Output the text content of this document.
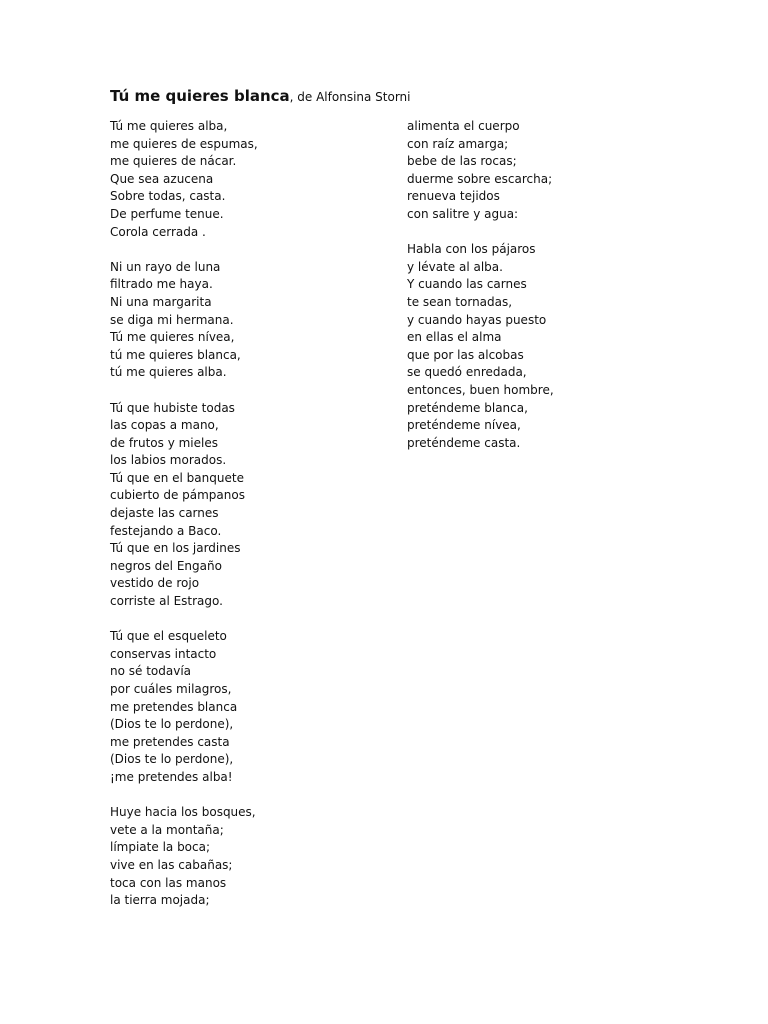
Tú me quieres blanca, de Alfonsina Storni
Tú me quieres alba,
me quieres de espumas,
me quieres de nácar.
Que sea azucena
Sobre todas, casta.
De perfume tenue.
Corola cerrada .
Ni un rayo de luna
filtrado me haya.
Ni una margarita
se diga mi hermana.
Tú me quieres nívea,
tú me quieres blanca,
tú me quieres alba.
Tú que hubiste todas
las copas a mano,
de frutos y mieles
los labios morados.
Tú que en el banquete
cubierto de pámpanos
dejaste las carnes
festejando a Baco.
Tú que en los jardines
negros del Engaño
vestido de rojo
corriste al Estrago.
Tú que el esqueleto
conservas intacto
no sé todavía
por cuáles milagros,
me pretendes blanca
(Dios te lo perdone),
me pretendes casta
(Dios te lo perdone),
¡me pretendes alba!
Huye hacia los bosques,
vete a la montaña;
límpiate la boca;
vive en las cabañas;
toca con las manos
la tierra mojada;
alimenta el cuerpo
con raíz amarga;
bebe de las rocas;
duerme sobre escarcha;
renueva tejidos
con salitre y agua:
Habla con los pájaros
y lévate al alba.
Y cuando las carnes
te sean tornadas,
y cuando hayas puesto
en ellas el alma
que por las alcobas
se quedó enredada,
entonces, buen hombre,
preténdeme blanca,
preténdeme nívea,
preténdeme casta.
